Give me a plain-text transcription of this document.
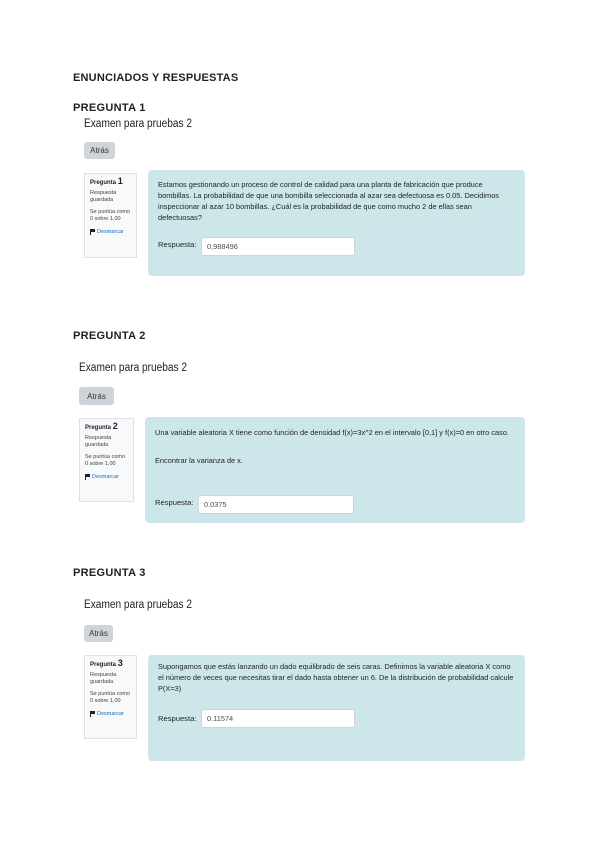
ENUNCIADOS Y RESPUESTAS
PREGUNTA 1
Examen para pruebas 2
Atrás
Pregunta 1
Respuesta guardada
Se puntúa como 0 sobre 1,00
Desmarcar
Estamos gestionando un proceso de control de calidad para una planta de fabricación que produce bombillas. La probabilidad de que una bombilla seleccionada al azar sea defectuosa es 0.05. Decidimos inspeccionar al azar 10 bombillas. ¿Cuál es la probabilidad de que como mucho 2 de ellas sean defectuosas?
Respuesta:	0,988496
PREGUNTA 2
Examen para pruebas 2
Atrás
Pregunta 2
Respuesta guardada
Se puntúa como 0 sobre 1,00
Desmarcar
Una variable aleatoria X tiene como función de densidad f(x)=3x^2 en el intervalo [0,1] y f(x)=0 en otro caso.
Encontrar la varianza de x.
Respuesta:	0.0375
PREGUNTA 3
Examen para pruebas 2
Atrás
Pregunta 3
Respuesta guardada
Se puntúa como 0 sobre 1,00
Desmarcar
Supongamos que estás lanzando un dado equilibrado de seis caras. Definimos la variable aleatoria X como el número de veces que necesitas tirar el dado hasta obtener un 6. De la distribución de probabilidad calcule P(X=3)
Respuesta:	0.11574
